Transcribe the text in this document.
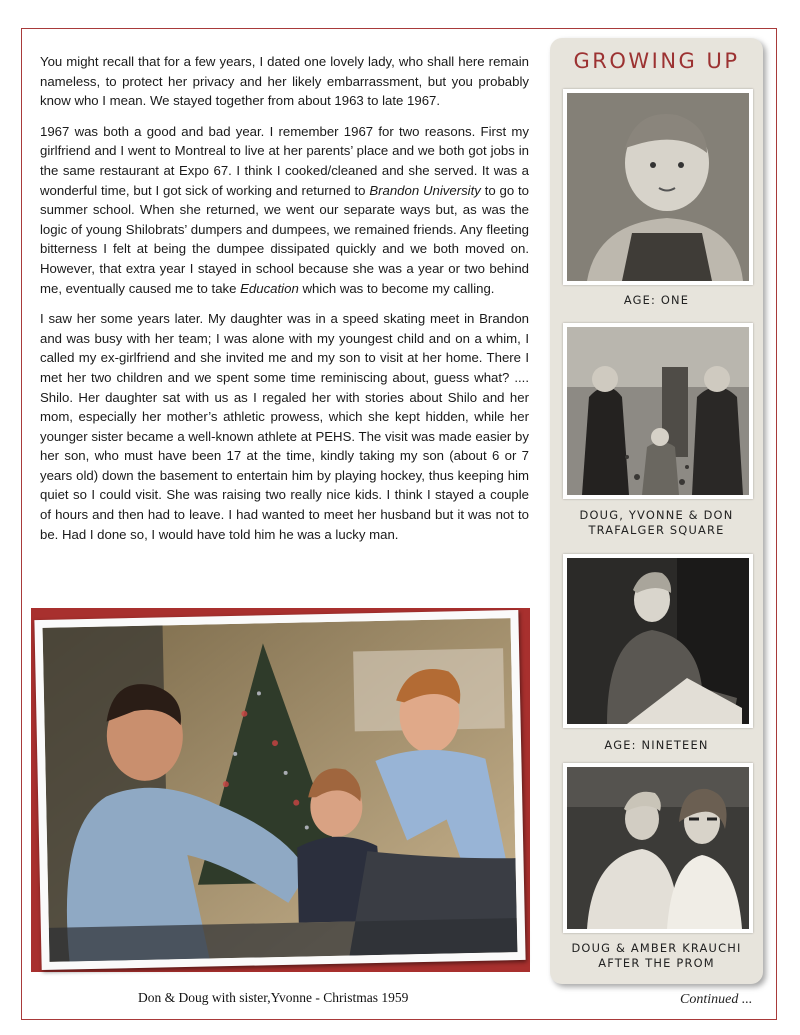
You might recall that for a few years, I dated one lovely lady, who shall here remain nameless, to protect her privacy and her likely embarrassment, but you probably know who I mean. We stayed together from about 1963 to late 1967.

1967 was both a good and bad year. I remember 1967 for two reasons. First my girlfriend and I went to Montreal to live at her parents’ place and we both got jobs in the same restaurant at Expo 67. I think I cooked/cleaned and she served. It was a wonderful time, but I got sick of working and returned to Brandon University to go to summer school. When she returned, we went our separate ways but, as was the logic of young Shilobrats’ dumpers and dumpees, we remained friends. Any fleeting bitterness I felt at being the dumpee dissipated quickly and we both moved on. However, that extra year I stayed in school because she was a year or two behind me, eventually caused me to take Education which was to become my calling.

I saw her some years later. My daughter was in a speed skating meet in Brandon and was busy with her team; I was alone with my youngest child and on a whim, I called my ex-girlfriend and she invited me and my son to visit at her home. There I met her two children and we spent some time reminiscing about, guess what? .... Shilo. Her daughter sat with us as I regaled her with stories about Shilo and her mom, especially her mother’s athletic prowess, which she kept hidden, while her younger sister became a well-known athlete at PEHS. The visit was made easier by her son, who must have been 17 at the time, kindly taking my son (about 6 or 7 years old) down the basement to entertain him by playing hockey, thus keeping him quiet so I could visit. She was raising two really nice kids. I think I stayed a couple of hours and then had to leave. I had wanted to meet her husband but it was not to be. Had I done so, I would have told him he was a lucky man.

Don & Doug with sister,Yvonne - Christmas 1959	Continued ...
GROWING UP
AGE: ONE
DOUG, YVONNE & DON
TRAFALGER SQUARE
AGE: NINETEEN
DOUG & AMBER KRAUCHI
AFTER THE PROM
